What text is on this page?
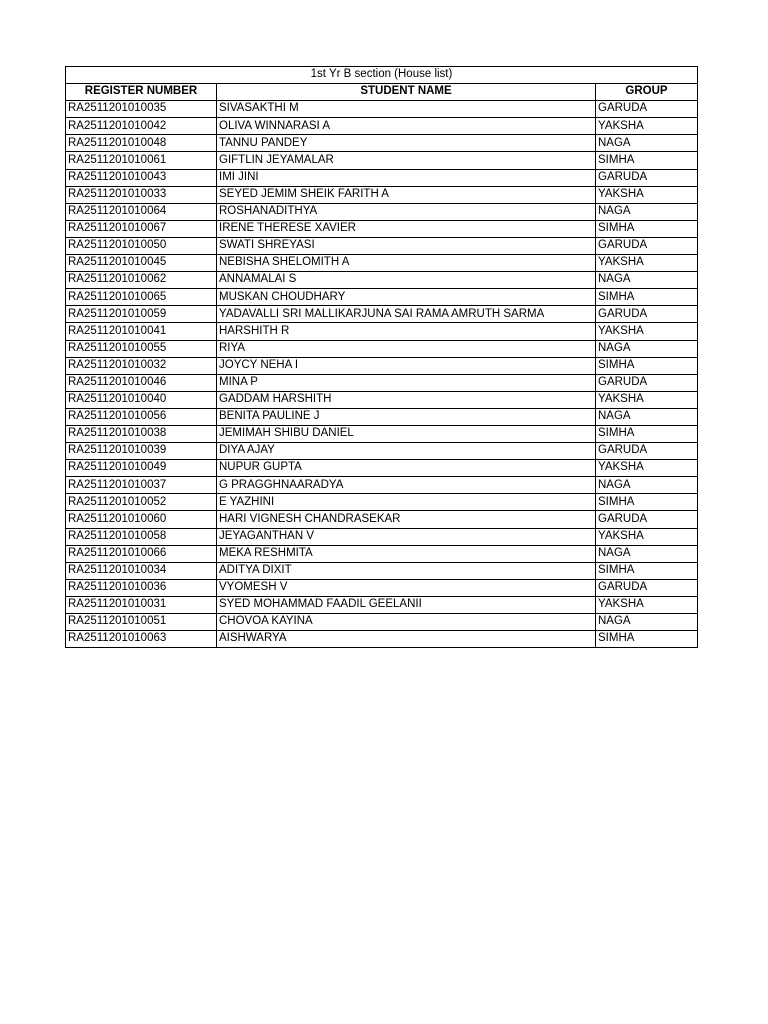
1st Yr B section (House list)		
REGISTER NUMBER	STUDENT NAME	GROUP
RA2511201010035	SIVASAKTHI M	GARUDA
RA2511201010042	OLIVA WINNARASI A	YAKSHA
RA2511201010048	TANNU PANDEY	NAGA
RA2511201010061	GIFTLIN JEYAMALAR	SIMHA
RA2511201010043	IMI JINI	GARUDA
RA2511201010033	SEYED JEMIM SHEIK FARITH A	YAKSHA
RA2511201010064	ROSHANADITHYA	NAGA
RA2511201010067	IRENE THERESE XAVIER	SIMHA
RA2511201010050	SWATI SHREYASI	GARUDA
RA2511201010045	NEBISHA SHELOMITH A	YAKSHA
RA2511201010062	ANNAMALAI S	NAGA
RA2511201010065	MUSKAN CHOUDHARY	SIMHA
RA2511201010059	YADAVALLI SRI MALLIKARJUNA SAI RAMA AMRUTH SARMA	GARUDA
RA2511201010041	HARSHITH R	YAKSHA
RA2511201010055	RIYA	NAGA
RA2511201010032	JOYCY NEHA I	SIMHA
RA2511201010046	MINA P	GARUDA
RA2511201010040	GADDAM HARSHITH	YAKSHA
RA2511201010056	BENITA PAULINE J	NAGA
RA2511201010038	JEMIMAH SHIBU DANIEL	SIMHA
RA2511201010039	DIYA AJAY	GARUDA
RA2511201010049	NUPUR GUPTA	YAKSHA
RA2511201010037	G PRAGGHNAARADYA	NAGA
RA2511201010052	E YAZHINI	SIMHA
RA2511201010060	HARI VIGNESH CHANDRASEKAR	GARUDA
RA2511201010058	JEYAGANTHAN V	YAKSHA
RA2511201010066	MEKA RESHMITA	NAGA
RA2511201010034	ADITYA DIXIT	SIMHA
RA2511201010036	VYOMESH V	GARUDA
RA2511201010031	SYED MOHAMMAD FAADIL GEELANII	YAKSHA
RA2511201010051	CHOVOA KAYINA	NAGA
RA2511201010063	AISHWARYA	SIMHA
